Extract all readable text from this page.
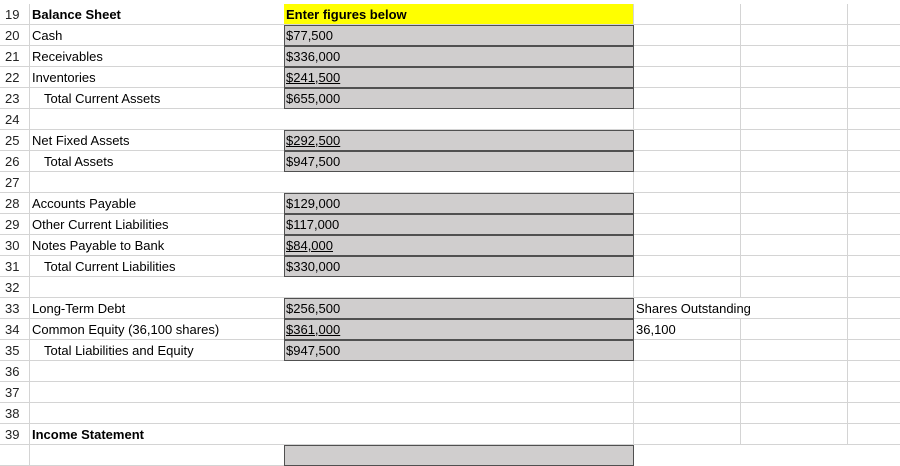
19 Balance Sheet	Enter figures below
20 Cash	$77,500
21 Receivables	$336,000
22 Inventories	$241,500
23	Total Current Assets	$655,000
24
25 Net Fixed Assets	$292,500
26	Total Assets	$947,500
27
28 Accounts Payable	$129,000
29 Other Current Liabilities	$117,000
30 Notes Payable to Bank	$84,000
31	Total Current Liabilities	$330,000
32
33 Long-Term Debt	$256,500	Shares Outstanding
34 Common Equity (36,100 shares)	$361,000	36,100
35	Total Liabilities and Equity	$947,500
36
37
38
39 Income Statement
